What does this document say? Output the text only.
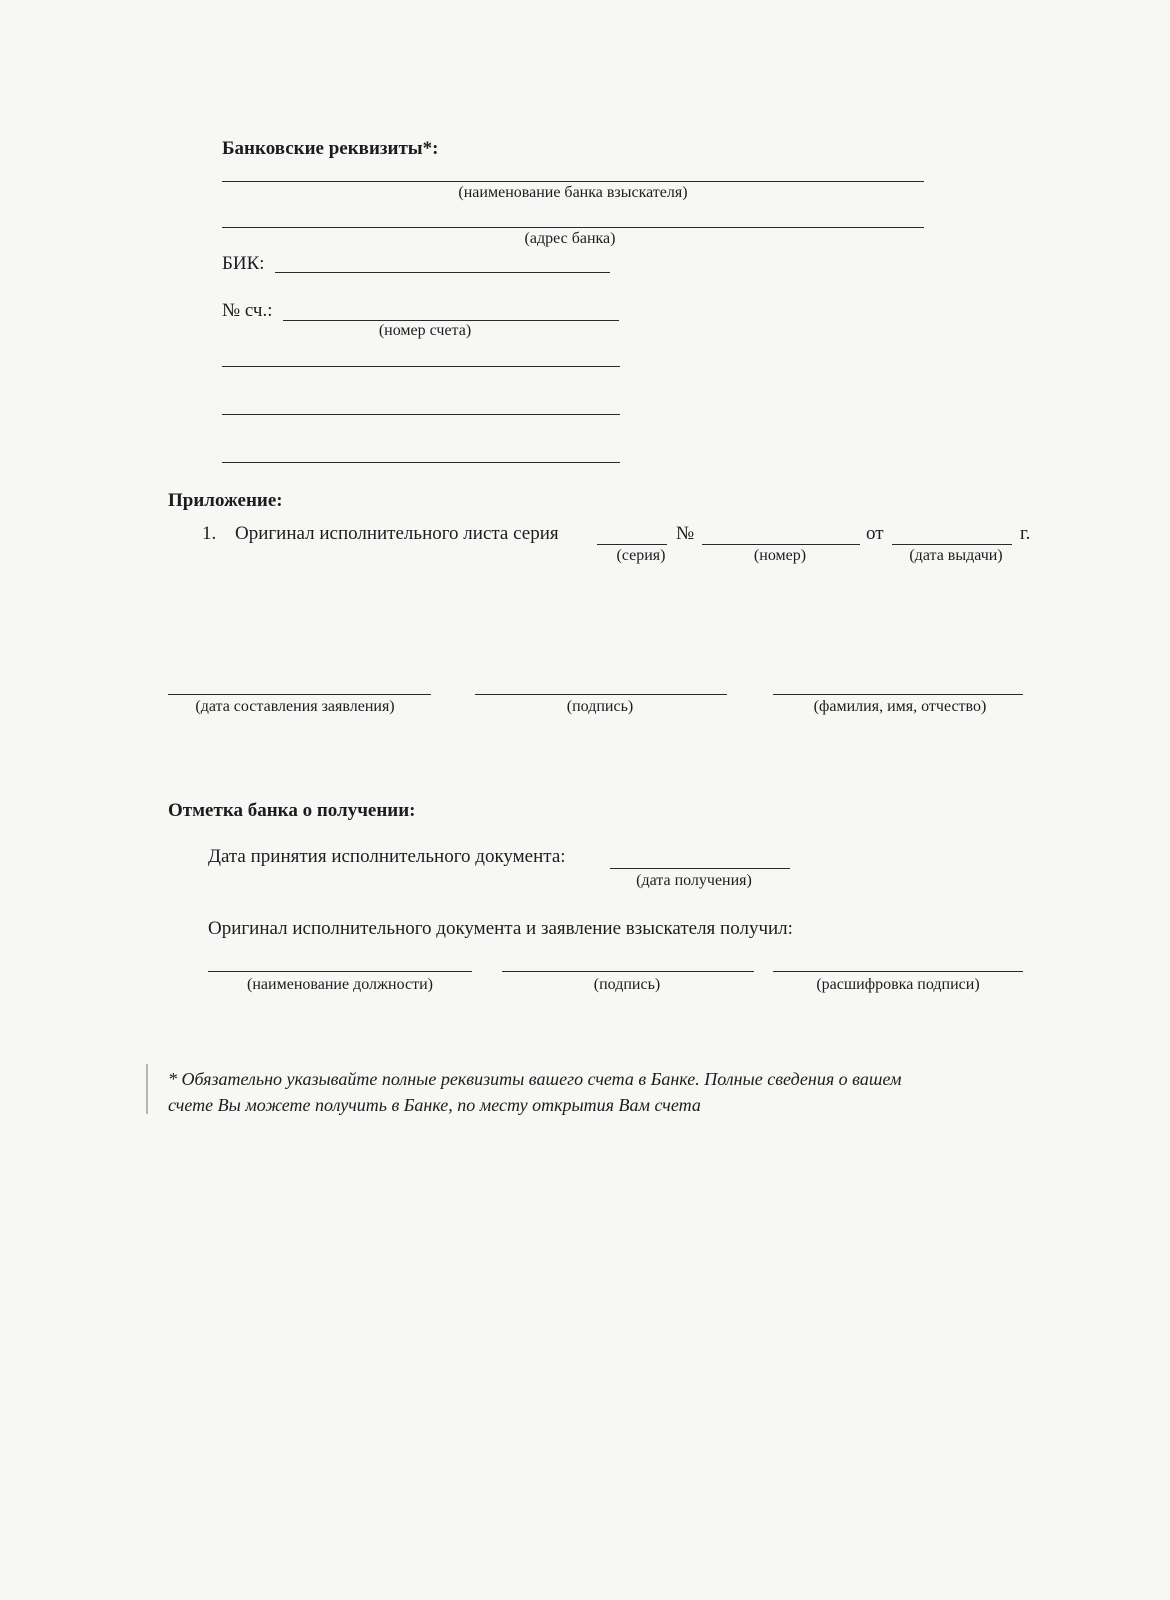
Банковские реквизиты*:
(наименование банка взыскателя)
(адрес банка)
БИК:
№ сч.:
(номер счета)
Приложение:
1. Оригинал исполнительного листа серия	№	от	г.
(серия)	(номер)	(дата выдачи)
(дата составления заявления)	(подпись)	(фамилия, имя, отчество)
Отметка банка о получении:
Дата принятия исполнительного документа:
(дата получения)
Оригинал исполнительного документа и заявление взыскателя получил:
(наименование должности)	(подпись)	(расшифровка подписи)
* Обязательно указывайте полные реквизиты вашего счета в Банке. Полные сведения о вашем
счете Вы можете получить в Банке, по месту открытия Вам счета
